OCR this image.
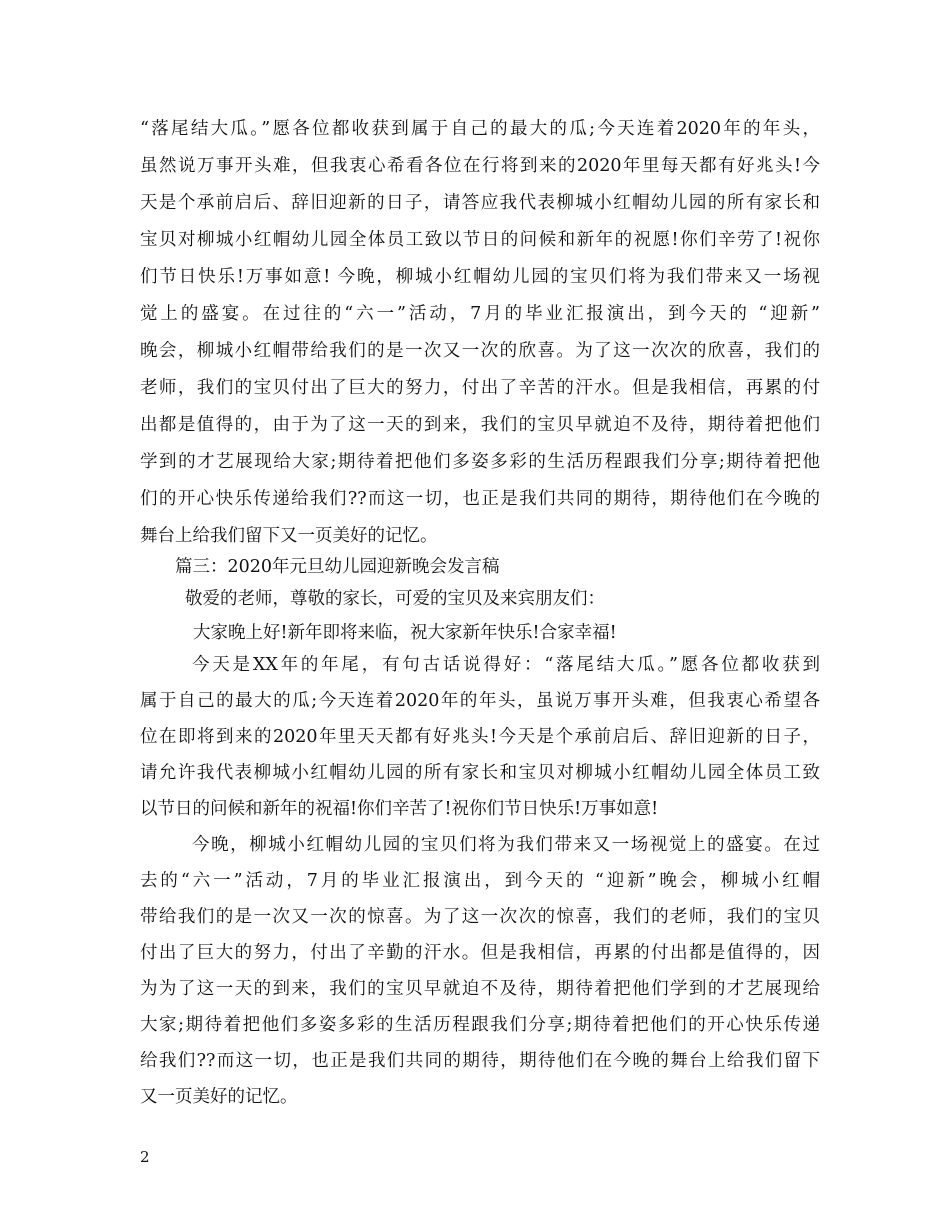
“落尾结大瓜。”愿各位都收获到属于自己的最大的瓜;今天连着2020年的年头，
虽然说万事开头难，但我衷心希看各位在行将到来的2020年里每天都有好兆头!今
天是个承前启后、辞旧迎新的日子，请答应我代表柳城小红帽幼儿园的所有家长和
宝贝对柳城小红帽幼儿园全体员工致以节日的问候和新年的祝愿!你们辛劳了!祝你
们节日快乐!万事如意! 今晚，柳城小红帽幼儿园的宝贝们将为我们带来又一场视
觉上的盛宴。在过往的“六一”活动，7月的毕业汇报演出，到今天的 “迎新”
晚会，柳城小红帽带给我们的是一次又一次的欣喜。为了这一次次的欣喜，我们的
老师，我们的宝贝付出了巨大的努力，付出了辛苦的汗水。但是我相信，再累的付
出都是值得的，由于为了这一天的到来，我们的宝贝早就迫不及待，期待着把他们
学到的才艺展现给大家;期待着把他们多姿多彩的生活历程跟我们分享;期待着把他
们的开心快乐传递给我们??而这一切，也正是我们共同的期待，期待他们在今晚的
舞台上给我们留下又一页美好的记忆。
篇三：2020年元旦幼儿园迎新晚会发言稿
敬爱的老师，尊敬的家长，可爱的宝贝及来宾朋友们：
大家晚上好!新年即将来临，祝大家新年快乐!合家幸福!
今天是XX年的年尾，有句古话说得好：“落尾结大瓜。”愿各位都收获到
属于自己的最大的瓜;今天连着2020年的年头，虽说万事开头难，但我衷心希望各
位在即将到来的2020年里天天都有好兆头!今天是个承前启后、辞旧迎新的日子，
请允许我代表柳城小红帽幼儿园的所有家长和宝贝对柳城小红帽幼儿园全体员工致
以节日的问候和新年的祝福!你们辛苦了!祝你们节日快乐!万事如意!
今晚，柳城小红帽幼儿园的宝贝们将为我们带来又一场视觉上的盛宴。在过
去的“六一”活动，7月的毕业汇报演出，到今天的 “迎新”晚会，柳城小红帽
带给我们的是一次又一次的惊喜。为了这一次次的惊喜，我们的老师，我们的宝贝
付出了巨大的努力，付出了辛勤的汗水。但是我相信，再累的付出都是值得的，因
为为了这一天的到来，我们的宝贝早就迫不及待，期待着把他们学到的才艺展现给
大家;期待着把他们多姿多彩的生活历程跟我们分享;期待着把他们的开心快乐传递
给我们??而这一切，也正是我们共同的期待，期待他们在今晚的舞台上给我们留下
又一页美好的记忆。
2
